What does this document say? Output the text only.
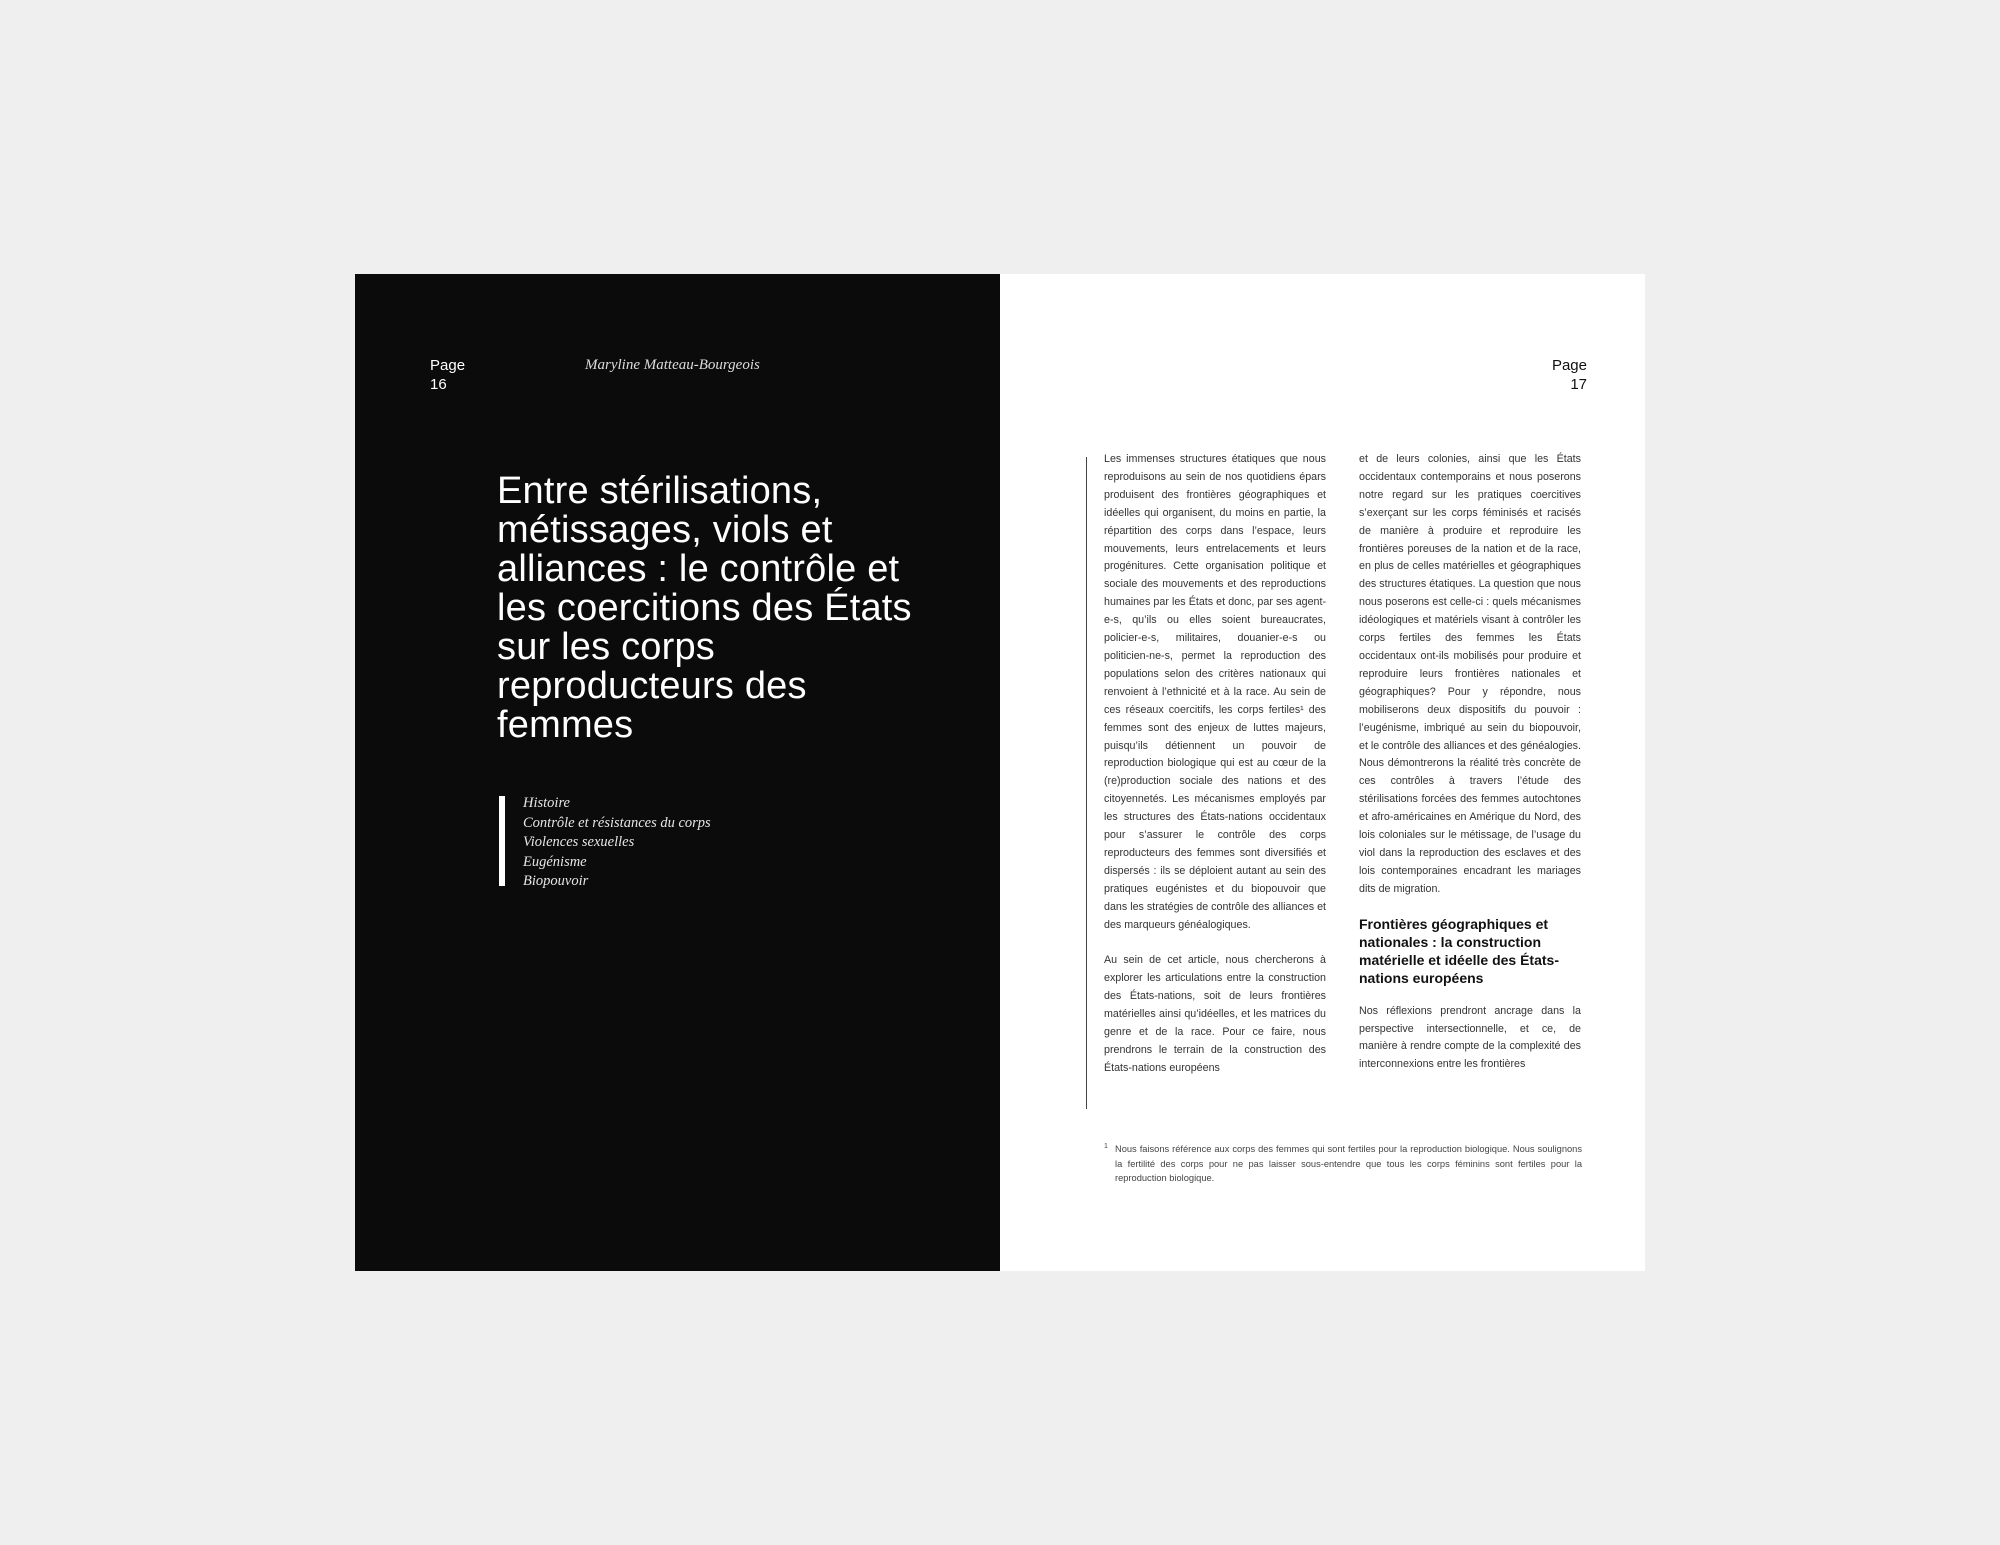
Page
16
Maryline Matteau-Bourgeois
Entre stérilisations, métissages, viols et alliances : le contrôle et les coercitions des États sur les corps reproducteurs des femmes
Histoire
Contrôle et résistances du corps
Violences sexuelles
Eugénisme
Biopouvoir
Page
17

Les immenses structures étatiques que nous reproduisons au sein de nos quotidiens épars produisent des frontières géographiques et idéelles qui organisent, du moins en partie, la répartition des corps dans l’espace, leurs mouvements, leurs entrelacements et leurs progénitures. Cette organisation politique et sociale des mouvements et des reproductions humaines par les États et donc, par ses agent-e-s, qu’ils ou elles soient bureaucrates, policier-e-s, militaires, douanier-e-s ou politicien-ne-s, permet la reproduction des populations selon des critères nationaux qui renvoient à l’ethnicité et à la race. Au sein de ces réseaux coercitifs, les corps fertiles¹ des femmes sont des enjeux de luttes majeurs, puisqu’ils détiennent un pouvoir de reproduction biologique qui est au cœur de la (re)production sociale des nations et des citoyennetés. Les mécanismes employés par les structures des États-nations occidentaux pour s’assurer le contrôle des corps reproducteurs des femmes sont diversifiés et dispersés : ils se déploient autant au sein des pratiques eugénistes et du biopouvoir que dans les stratégies de contrôle des alliances et des marqueurs généalogiques.

Au sein de cet article, nous chercherons à explorer les articulations entre la construction des États-nations, soit de leurs frontières matérielles ainsi qu’idéelles, et les matrices du genre et de la race. Pour ce faire, nous prendrons le terrain de la construction des États-nations européens

et de leurs colonies, ainsi que les États occidentaux contemporains et nous poserons notre regard sur les pratiques coercitives s’exerçant sur les corps féminisés et racisés de manière à produire et reproduire les frontières poreuses de la nation et de la race, en plus de celles matérielles et géographiques des structures étatiques. La question que nous nous poserons est celle-ci : quels mécanismes idéologiques et matériels visant à contrôler les corps fertiles des femmes les États occidentaux ont-ils mobilisés pour produire et reproduire leurs frontières nationales et géographiques? Pour y répondre, nous mobiliserons deux dispositifs du pouvoir : l’eugénisme, imbriqué au sein du biopouvoir, et le contrôle des alliances et des généalogies. Nous démontrerons la réalité très concrète de ces contrôles à travers l’étude des stérilisations forcées des femmes autochtones et afro-américaines en Amérique du Nord, des lois coloniales sur le métissage, de l’usage du viol dans la reproduction des esclaves et des lois contemporaines encadrant les mariages dits de migration.

Frontières géographiques et nationales : la construction matérielle et idéelle des États-nations européens

Nos réflexions prendront ancrage dans la perspective intersectionnelle, et ce, de manière à rendre compte de la complexité des interconnexions entre les frontières

1 Nous faisons référence aux corps des femmes qui sont fertiles pour la reproduction biologique. Nous soulignons la fertilité des corps pour ne pas laisser sous-entendre que tous les corps féminins sont fertiles pour la reproduction biologique.
